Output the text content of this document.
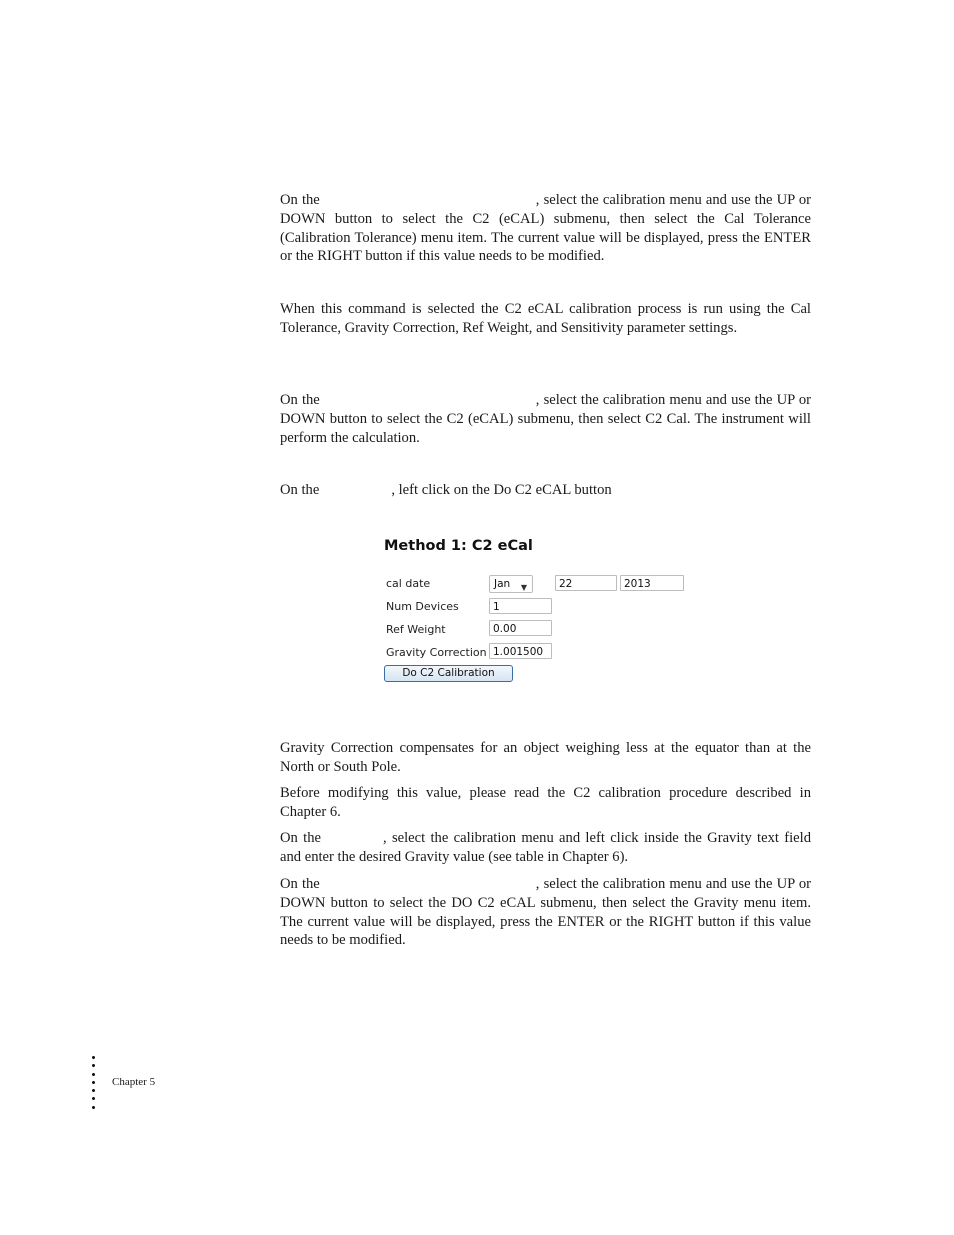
On the	, select the calibration menu and use the UP or DOWN button to select the C2 (eCAL) submenu, then select the Cal Tolerance (Calibration Tolerance) menu item. The current value will be displayed, press the ENTER or the RIGHT button if this value needs to be modified.

When this command is selected the C2 eCAL calibration process is run using the Cal Tolerance, Gravity Correction, Ref Weight, and Sensitivity parameter settings.

On the	, select the calibration menu and use the UP or DOWN button to select the C2 (eCAL) submenu, then select C2 Cal. The instrument will perform the calculation.

On the	, left click on the Do C2 eCAL button

Method 1: C2 eCal
cal date	Jan ▼	22	2013
Num Devices	1
Ref Weight	0.00
Gravity Correction 1.001500
Do C2 Calibration

Gravity Correction compensates for an object weighing less at the equator than at the North or South Pole.

Before modifying this value, please read the C2 calibration procedure described in Chapter 6.

On the	, select the calibration menu and left click inside the Gravity text field and enter the desired Gravity value (see table in Chapter 6).

On the	, select the calibration menu and use the UP or DOWN button to select the DO C2 eCAL submenu, then select the Gravity menu item. The current value will be displayed, press the ENTER or the RIGHT button if this value needs to be modified.

Chapter 5
